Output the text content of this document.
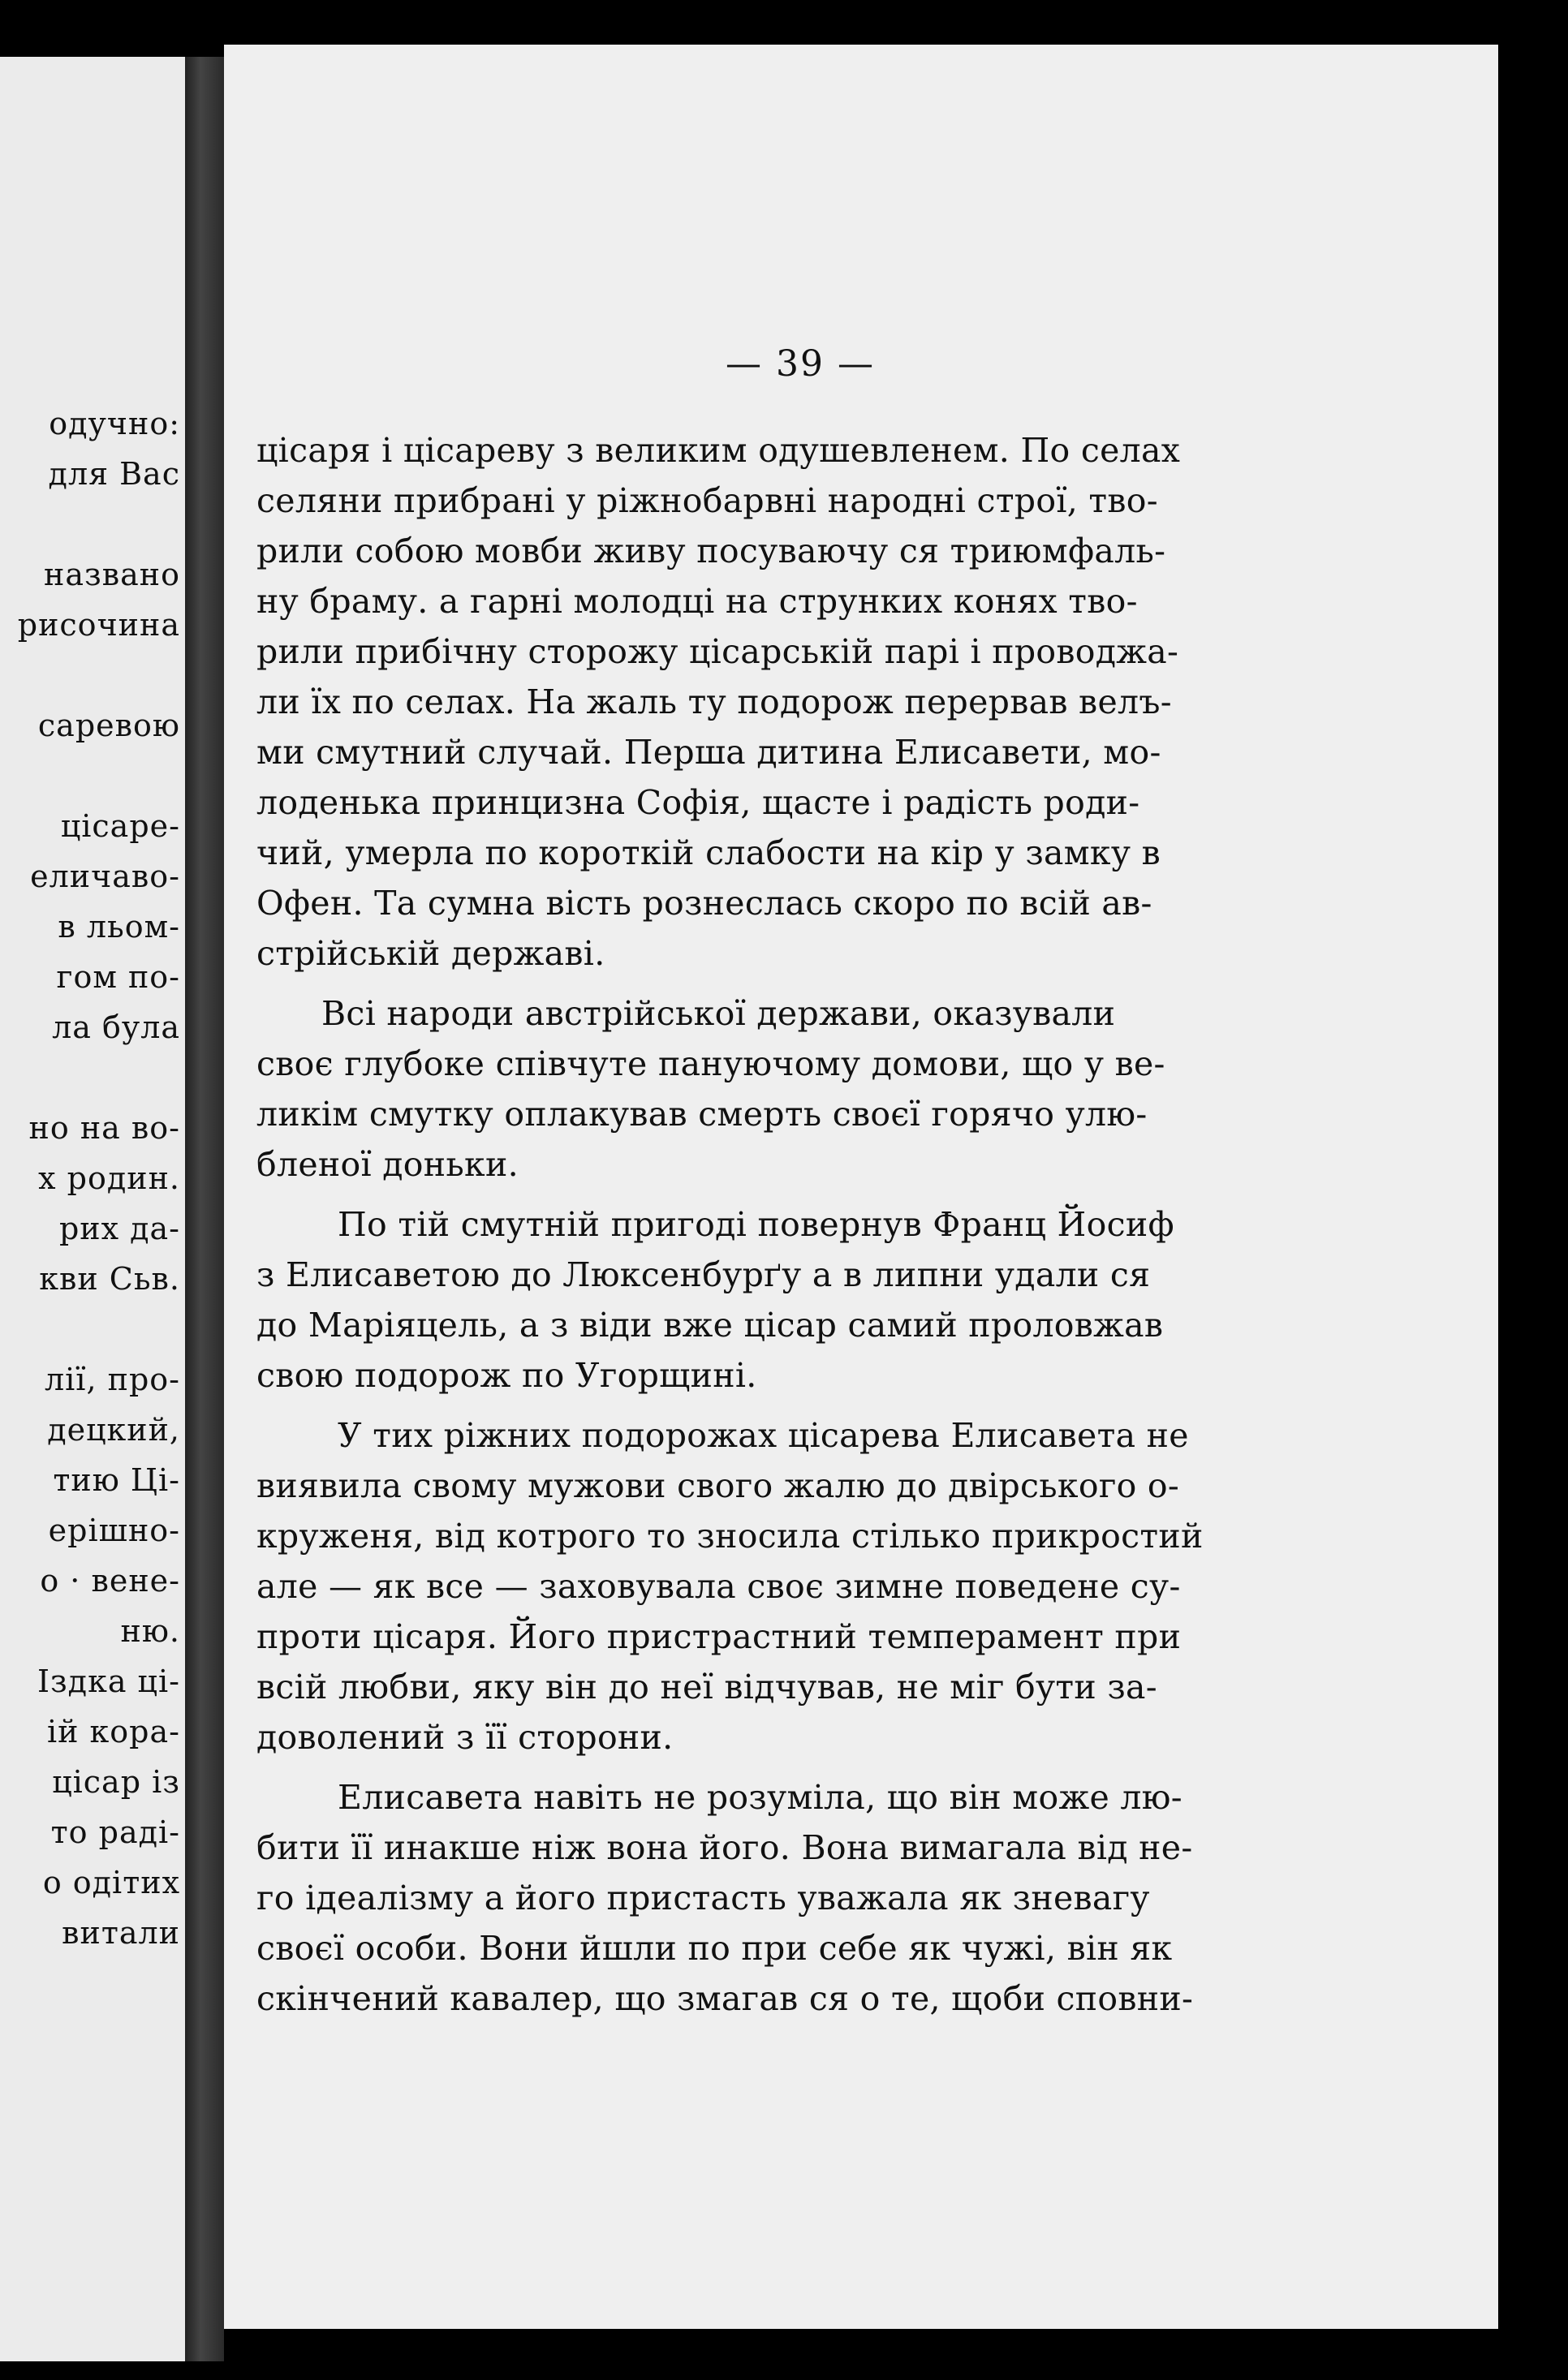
одучно:
для Вас
названо
рисочина
саревою
цісаре-
еличаво-
в льом-
гом по-
ла була
но на во-
х родин.
рих да-
кви Сьв.
лії, про-
децкий,
тию Ці-
ерішно-
о · вене-
ню.
Іздка ці-
ій кора-
цісар із
то раді-
о одітих
витали
— 39 —
цісаря і цісареву з великим одушевленем. По селах
селяни прибрані у ріжнобарвні народні строї, тво-
рили собою мовби живу посуваючу ся триюмфаль-
ну браму. а гарні молодці на струнких конях тво-
рили прибічну сторожу цісарській парі і проводжа-
ли їх по селах. На жаль ту подорож перервав велъ-
ми смутний случай. Перша дитина Елисавети, мо-
лоденька принцизна Софія, щасте і радість роди-
чий, умерла по короткій слабости на кір у замку в
Офен. Та сумна вість рознеслась скоро по всій ав-
стрійській державі.
Всі народи австрійської держави, оказували
своє глубоке співчуте пануючому домови, що у ве-
ликім смутку оплакував смерть своєї горячо улю-
бленої доньки.
По тій смутній пригоді повернув Франц Йосиф
з Елисаветою до Люксенбурґу а в липни удали ся
до Маріяцель, а з віди вже цісар самий проловжав
свою подорож по Угорщині.
У тих ріжних подорожах цісарева Елисавета не
виявила свому мужови свого жалю до двірського о-
круженя, від котрого то зносила стілько прикростий
але — як все — заховувала своє зимне поведене су-
проти цісаря. Його пристрастний темперамент при
всій любви, яку він до неї відчував, не міг бути за-
доволений з її сторони.
Елисавета навіть не розуміла, що він може лю-
бити її инакше ніж вона його. Вона вимагала від не-
го ідеалізму а його пристасть уважала як зневагу
своєї особи. Вони йшли по при себе як чужі, він як
скінчений кавалер, що змагав ся о те, щоби сповни-
